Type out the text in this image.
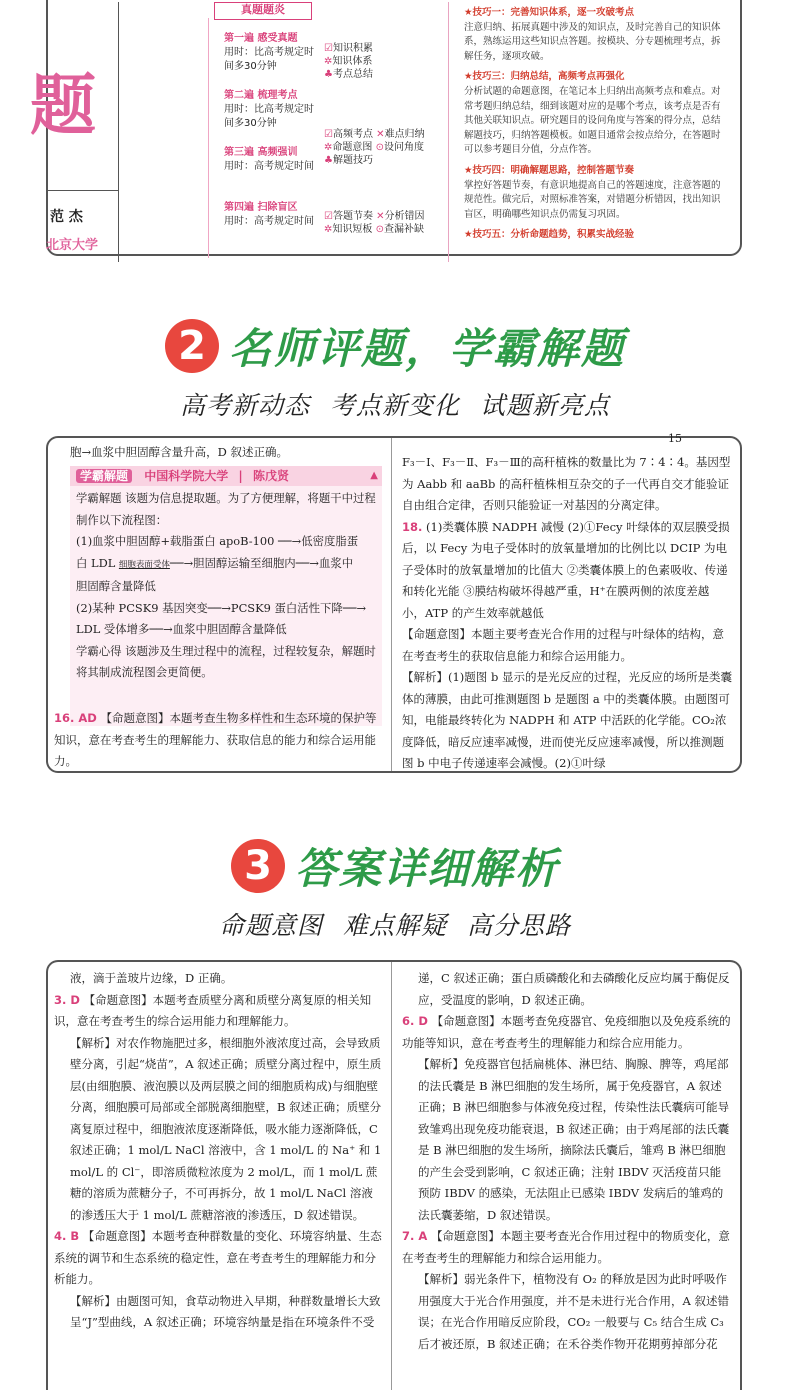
题
范 杰
北京大学
真题题炎
第一遍 感受真题
用时：比高考规定时间多30分钟
第二遍 梳理考点
用时：比高考规定时间多30分钟
第三遍 高频强训
用时：高考规定时间
第四遍 扫除盲区
用时：高考规定时间
☑知识积累
✲知识体系
♣考点总结
☑高频考点 ✕难点归纳
✲命题意图 ⊙设问角度
♣解题技巧
☑答题节奏 ✕分析错因
✲知识短板 ⊙查漏补缺
★技巧一：完善知识体系，逐一攻破考点
注意归纳、拓展真题中涉及的知识点，及时完善自己的知识体系，熟练运用这些知识点答题。按模块、分专题梳理考点，拆解任务，逐项攻破。
★技巧三：归纳总结，高频考点再强化
分析试题的命题意图，在笔记本上归纳出高频考点和难点。对常考题归纳总结，细到该题对应的是哪个考点，该考点是否有其他关联知识点。研究题目的设问角度与答案的得分点，总结解题技巧，归纳答题模板。如题目通常会按点给分，在答题时可以参考题目分值，分点作答。
★技巧四：明确解题思路，控制答题节奏
掌控好答题节奏，有意识地提高自己的答题速度，注意答题的规范性。做完后，对照标准答案，对错题分析错因，找出知识盲区，明确哪些知识点仍需复习巩固。
★技巧五：分析命题趋势，积累实战经验
2 名师评题，学霸解题
高考新动态 考点新变化 试题新亮点

胞→血浆中胆固醇含量升高，D 叙述正确。

学霸解题 中国科学院大学 | 陈戊贤	▲

学霸解题 该题为信息提取题。为了方便理解，将题干中过程制作以下流程图：

(1)血浆中胆固醇+载脂蛋白 apoB-100 ──→低密度脂蛋

白 LDL 细胞表面受体──→胆固醇运输至细胞内──→血浆中

胆固醇含量降低

(2)某种 PCSK9 基因突变──→PCSK9 蛋白活性下降──→

LDL 受体增多──→血浆中胆固醇含量降低

学霸心得 该题涉及生理过程中的流程，过程较复杂，解题时将其制成流程图会更简便。

16. AD 【命题意图】本题考查生物多样性和生态环境的保护等知识，意在考查考生的理解能力、获取信息的能力和综合运用能力。

15

F₃－Ⅰ、F₃－Ⅱ、F₃－Ⅲ的高秆植株的数量比为 7∶4∶4。基因型为 Aabb 和 aaBb 的高秆植株相互杂交的子一代再自交才能验证自由组合定律，否则只能验证一对基因的分离定律。

18. (1)类囊体膜 NADPH 减慢 (2)①Fecy 叶绿体的双层膜受损后，以 Fecy 为电子受体时的放氧量增加的比例比以 DCIP 为电子受体时的放氧量增加的比值大 ②类囊体膜上的色素吸收、传递和转化光能 ③膜结构破坏得越严重，H⁺在膜两侧的浓度差越小，ATP 的产生效率就越低

【命题意图】本题主要考查光合作用的过程与叶绿体的结构，意在考查考生的获取信息能力和综合运用能力。

【解析】(1)题图 b 显示的是光反应的过程，光反应的场所是类囊体的薄膜，由此可推测题图 b 是题图 a 中的类囊体膜。由题图可知，电能最终转化为 NADPH 和 ATP 中活跃的化学能。CO₂浓度降低，暗反应速率减慢，进而使光反应速率减慢，所以推测题图 b 中电子传递速率会减慢。(2)①叶绿

3 答案详细解析
命题意图 难点解疑 高分思路

液，滴于盖玻片边缘，D 正确。

3. D 【命题意图】本题考查质壁分离和质壁分离复原的相关知识，意在考查考生的综合运用能力和理解能力。

【解析】对农作物施肥过多，根细胞外液浓度过高，会导致质壁分离，引起“烧苗”，A 叙述正确；质壁分离过程中，原生质层(由细胞膜、液泡膜以及两层膜之间的细胞质构成)与细胞壁分离，细胞膜可局部或全部脱离细胞壁，B 叙述正确；质壁分离复原过程中，细胞液浓度逐渐降低，吸水能力逐渐降低，C 叙述正确；1 mol/L NaCl 溶液中，含 1 mol/L 的 Na⁺ 和 1 mol/L 的 Cl⁻，即溶质微粒浓度为 2 mol/L，而 1 mol/L 蔗糖的溶质为蔗糖分子，不可再拆分，故 1 mol/L NaCl 溶液的渗透压大于 1 mol/L 蔗糖溶液的渗透压，D 叙述错误。

4. B 【命题意图】本题考查种群数量的变化、环境容纳量、生态系统的调节和生态系统的稳定性，意在考查考生的理解能力和分析能力。

【解析】由题图可知，食草动物进入早期，种群数量增长大致呈“J”型曲线，A 叙述正确；环境容纳量是指在环境条件不受

递，C 叙述正确；蛋白质磷酸化和去磷酸化反应均属于酶促反应，受温度的影响，D 叙述正确。

6. D 【命题意图】本题考查免疫器官、免疫细胞以及免疫系统的功能等知识，意在考查考生的理解能力和综合应用能力。

【解析】免疫器官包括扁桃体、淋巴结、胸腺、脾等，鸡尾部的法氏囊是 B 淋巴细胞的发生场所，属于免疫器官，A 叙述正确；B 淋巴细胞参与体液免疫过程，传染性法氏囊病可能导致雏鸡出现免疫功能衰退，B 叙述正确；由于鸡尾部的法氏囊是 B 淋巴细胞的发生场所，摘除法氏囊后，雏鸡 B 淋巴细胞的产生会受到影响，C 叙述正确；注射 IBDV 灭活疫苗只能预防 IBDV 的感染，无法阻止已感染 IBDV 发病后的雏鸡的法氏囊萎缩，D 叙述错误。

7. A 【命题意图】本题主要考查光合作用过程中的物质变化，意在考查考生的理解能力和综合运用能力。

【解析】弱光条件下，植物没有 O₂ 的释放是因为此时呼吸作用强度大于光合作用强度，并不是未进行光合作用，A 叙述错误；在光合作用暗反应阶段，CO₂ 一般要与 C₅ 结合生成 C₃ 后才被还原，B 叙述正确；在禾谷类作物开花期剪掉部分花
